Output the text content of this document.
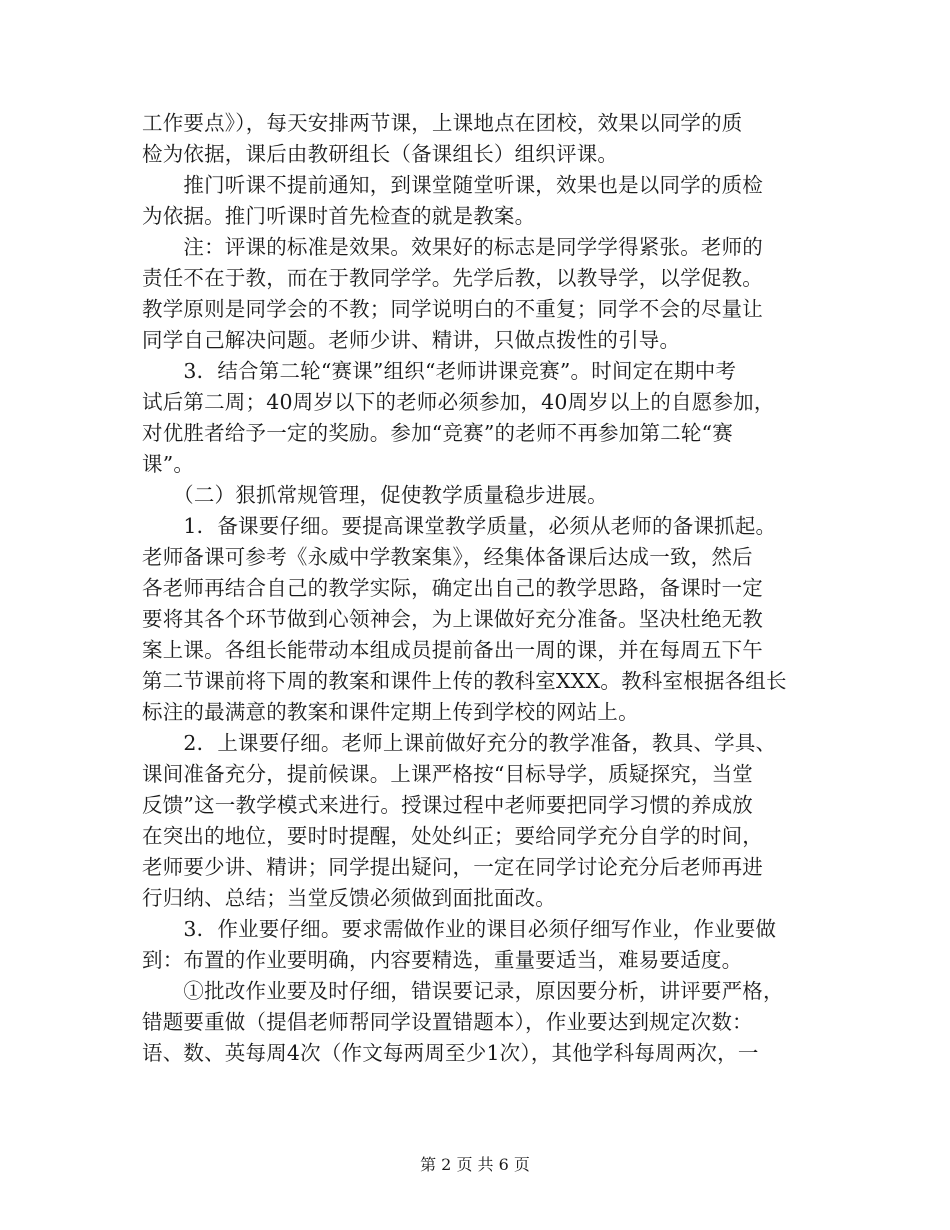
工作要点》），每天安排两节课，上课地点在团校，效果以同学的质
检为依据，课后由教研组长（备课组长）组织评课。
　　推门听课不提前通知，到课堂随堂听课，效果也是以同学的质检
为依据。推门听课时首先检查的就是教案。
　　注：评课的标准是效果。效果好的标志是同学学得紧张。老师的
责任不在于教，而在于教同学学。先学后教，以教导学，以学促教。
教学原则是同学会的不教；同学说明白的不重复；同学不会的尽量让
同学自己解决问题。老师少讲、精讲，只做点拨性的引导。
　　3．结合第二轮“赛课”组织“老师讲课竞赛”。时间定在期中考
试后第二周；40周岁以下的老师必须参加，40周岁以上的自愿参加，
对优胜者给予一定的奖励。参加“竞赛”的老师不再参加第二轮“赛
课”。
　　（二）狠抓常规管理，促使教学质量稳步进展。
　　1．备课要仔细。要提高课堂教学质量，必须从老师的备课抓起。
老师备课可参考《永威中学教案集》，经集体备课后达成一致，然后
各老师再结合自己的教学实际，确定出自己的教学思路，备课时一定
要将其各个环节做到心领神会，为上课做好充分准备。坚决杜绝无教
案上课。各组长能带动本组成员提前备出一周的课，并在每周五下午
第二节课前将下周的教案和课件上传的教科室XXX。教科室根据各组长
标注的最满意的教案和课件定期上传到学校的网站上。
　　2．上课要仔细。老师上课前做好充分的教学准备，教具、学具、
课间准备充分，提前候课。上课严格按“目标导学，质疑探究，当堂
反馈”这一教学模式来进行。授课过程中老师要把同学习惯的养成放
在突出的地位，要时时提醒，处处纠正；要给同学充分自学的时间，
老师要少讲、精讲；同学提出疑问，一定在同学讨论充分后老师再进
行归纳、总结；当堂反馈必须做到面批面改。
　　3．作业要仔细。要求需做作业的课目必须仔细写作业，作业要做
到：布置的作业要明确，内容要精选，重量要适当，难易要适度。
　　①批改作业要及时仔细，错误要记录，原因要分析，讲评要严格，
错题要重做（提倡老师帮同学设置错题本），作业要达到规定次数：
语、数、英每周4次（作文每两周至少1次），其他学科每周两次，一
第 2 页 共 6 页
